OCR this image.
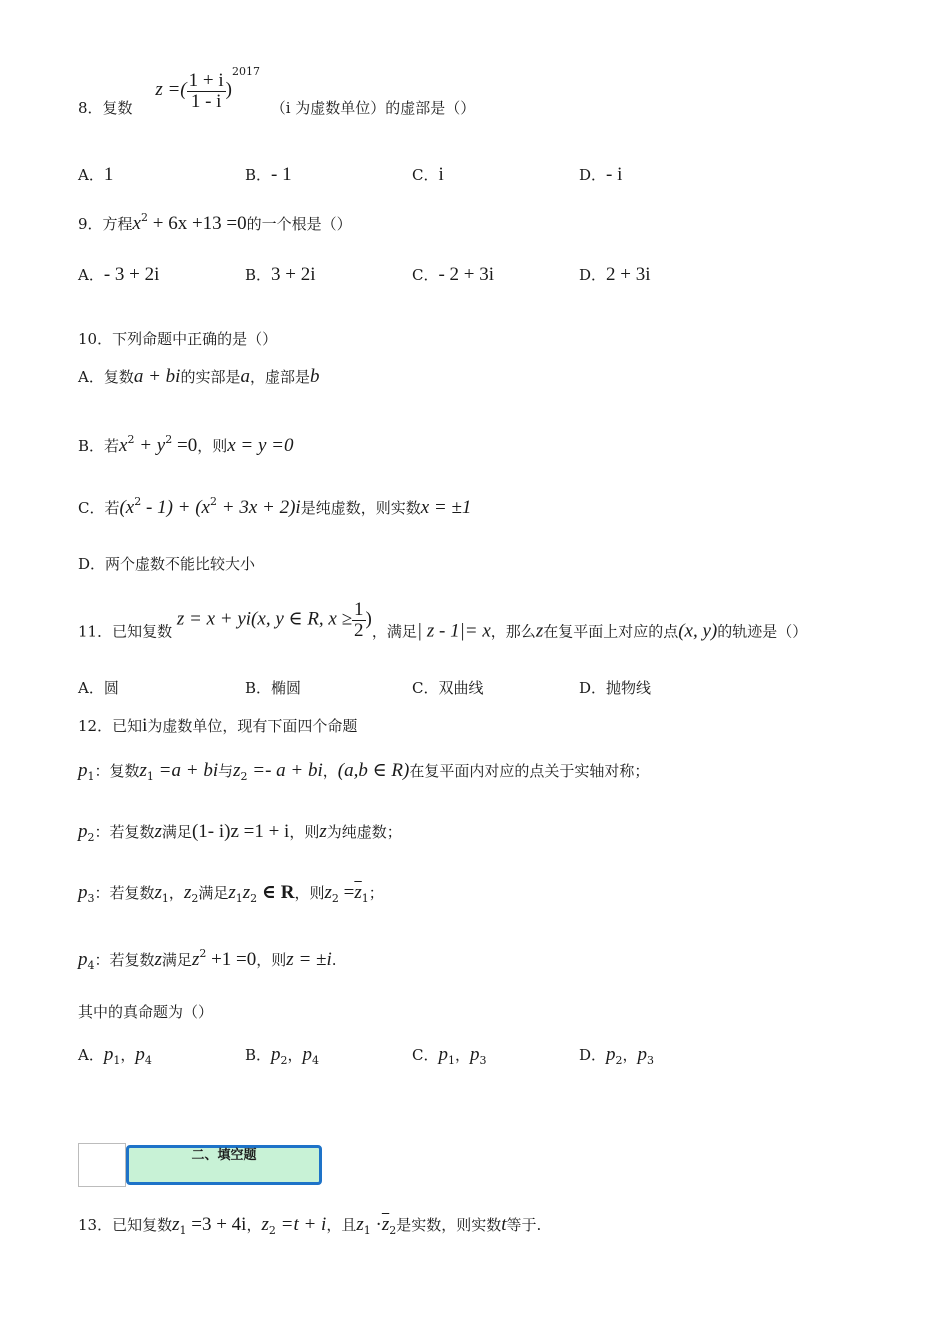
8．复数 z =( $\frac{1 + i}{1 - i} )^{2017}$ （i 为虚数单位）的虚部是（）
A．1	B．- 1	C．i	D．- i
9．方程$x^2 + 6x +13 =0$的一个根是（）
A．- 3 + 2i	B．3 + 2i	C．- 2 + 3i	D．2 + 3i
10．下列命题中正确的是（）
A．复数a + bi的实部是a，虚部是b
B．若$x^2 + y^2 =0$，则x = y =0
C．若$(x^2 - 1) + (x^2 + 3x + 2)i$是纯虚数，则实数x = ±1
D．两个虚数不能比较大小
11．已知复数 z = x + yi(x, y ∈ R, $x \ge \frac{1}{2}$ )，满足| z - 1|= x，那么z在复平面上对应的点(x, y)的轨迹是（）
A．圆	B．椭圆	C．双曲线	D．抛物线
12．已知i为虚数单位，现有下面四个命题
$p_1$：复数$z_1 =a$ + bi与$z_2 =- a$ + bi，(a,b ∈ R)在复平面内对应的点关于实轴对称；
$p_2$：若复数z满足(1- i)z =1 + i，则z为纯虚数；
$p_3$：若复数$z_1$，$z_2$满足$z_1z_2$ ∈ R，则$z_2 =\overline{z}_1$；
$p_4$：若复数z满足$z^2 +1 =0$，则z = ±i.
其中的真命题为（）
A．$p_1$，$p_4$	B．$p_2$，$p_4$	C．$p_1$，$p_3$	D．$p_2$，$p_3$
二、填空题
13．已知复数$z_1 =3 + 4i$，$z_2 =t + i$，且$z_1 \cdot\overline{z}_2$是实数，则实数t等于.
